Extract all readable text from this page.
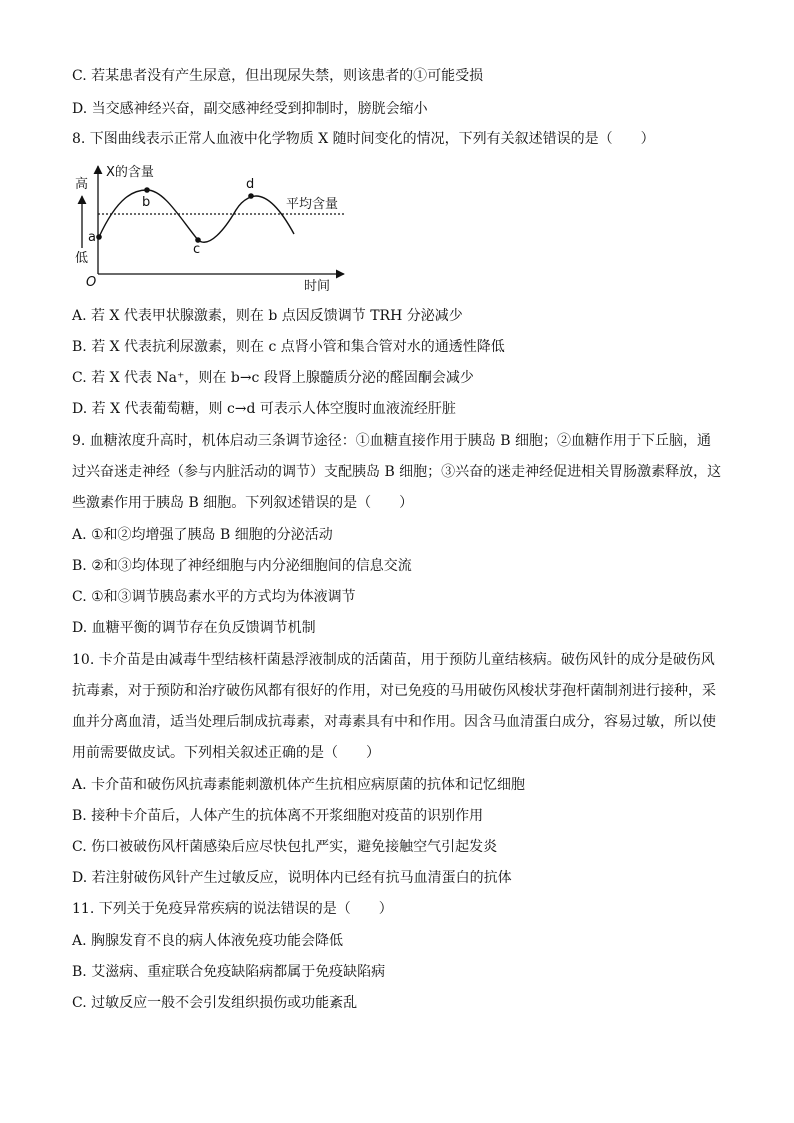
C. 若某患者没有产生尿意，但出现尿失禁，则该患者的①可能受损
D. 当交感神经兴奋，副交感神经受到抑制时，膀胱会缩小
8. 下图曲线表示正常人血液中化学物质 X 随时间变化的情况，下列有关叙述错误的是（　　）
X的含量
高
低
O	时间
平均含量
a
b
c
d
A. 若 X 代表甲状腺激素，则在 b 点因反馈调节 TRH 分泌减少
B. 若 X 代表抗利尿激素，则在 c 点肾小管和集合管对水的通透性降低
C. 若 X 代表 Na⁺，则在 b→c 段肾上腺髓质分泌的醛固酮会减少
D. 若 X 代表葡萄糖，则 c→d 可表示人体空腹时血液流经肝脏
9. 血糖浓度升高时，机体启动三条调节途径：①血糖直接作用于胰岛 B 细胞；②血糖作用于下丘脑，通
过兴奋迷走神经（参与内脏活动的调节）支配胰岛 B 细胞；③兴奋的迷走神经促进相关胃肠激素释放，这
些激素作用于胰岛 B 细胞。下列叙述错误的是（　　）
A. ①和②均增强了胰岛 B 细胞的分泌活动
B. ②和③均体现了神经细胞与内分泌细胞间的信息交流
C. ①和③调节胰岛素水平的方式均为体液调节
D. 血糖平衡的调节存在负反馈调节机制
10. 卡介苗是由减毒牛型结核杆菌悬浮液制成的活菌苗，用于预防儿童结核病。破伤风针的成分是破伤风
抗毒素，对于预防和治疗破伤风都有很好的作用，对已免疫的马用破伤风梭状芽孢杆菌制剂进行接种，采
血并分离血清，适当处理后制成抗毒素，对毒素具有中和作用。因含马血清蛋白成分，容易过敏，所以使
用前需要做皮试。下列相关叙述正确的是（　　）
A. 卡介苗和破伤风抗毒素能刺激机体产生抗相应病原菌的抗体和记忆细胞
B. 接种卡介苗后，人体产生的抗体离不开浆细胞对疫苗的识别作用
C. 伤口被破伤风杆菌感染后应尽快包扎严实，避免接触空气引起发炎
D. 若注射破伤风针产生过敏反应，说明体内已经有抗马血清蛋白的抗体
11. 下列关于免疫异常疾病的说法错误的是（　　）
A. 胸腺发育不良的病人体液免疫功能会降低
B. 艾滋病、重症联合免疫缺陷病都属于免疫缺陷病
C. 过敏反应一般不会引发组织损伤或功能紊乱
